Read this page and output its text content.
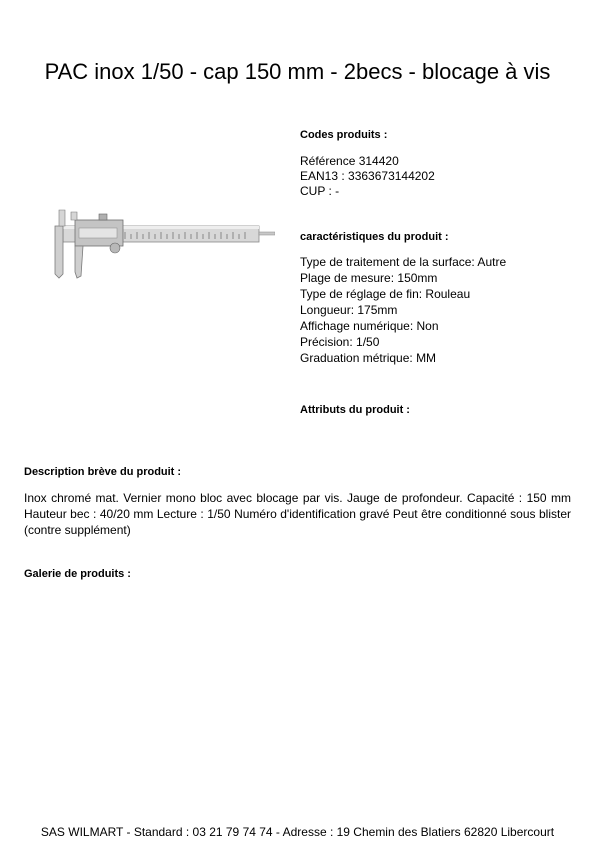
PAC inox 1/50 - cap 150 mm - 2becs - blocage à vis
Codes produits :
Référence 314420
EAN13 : 3363673144202
CUP : -
caractéristiques du produit :
Type de traitement de la surface: Autre
Plage de mesure: 150mm
Type de réglage de fin: Rouleau
Longueur: 175mm
Affichage numérique: Non
Précision: 1/50
Graduation métrique: MM
Attributs du produit :
Description brève du produit :
Inox chromé mat. Vernier mono bloc avec blocage par vis. Jauge de profondeur. Capacité : 150 mm Hauteur bec : 40/20 mm Lecture : 1/50 Numéro d'identification gravé Peut être conditionné sous blister (contre supplément)
Galerie de produits :
SAS WILMART - Standard : 03 21 79 74 74 - Adresse : 19 Chemin des Blatiers 62820 Libercourt
